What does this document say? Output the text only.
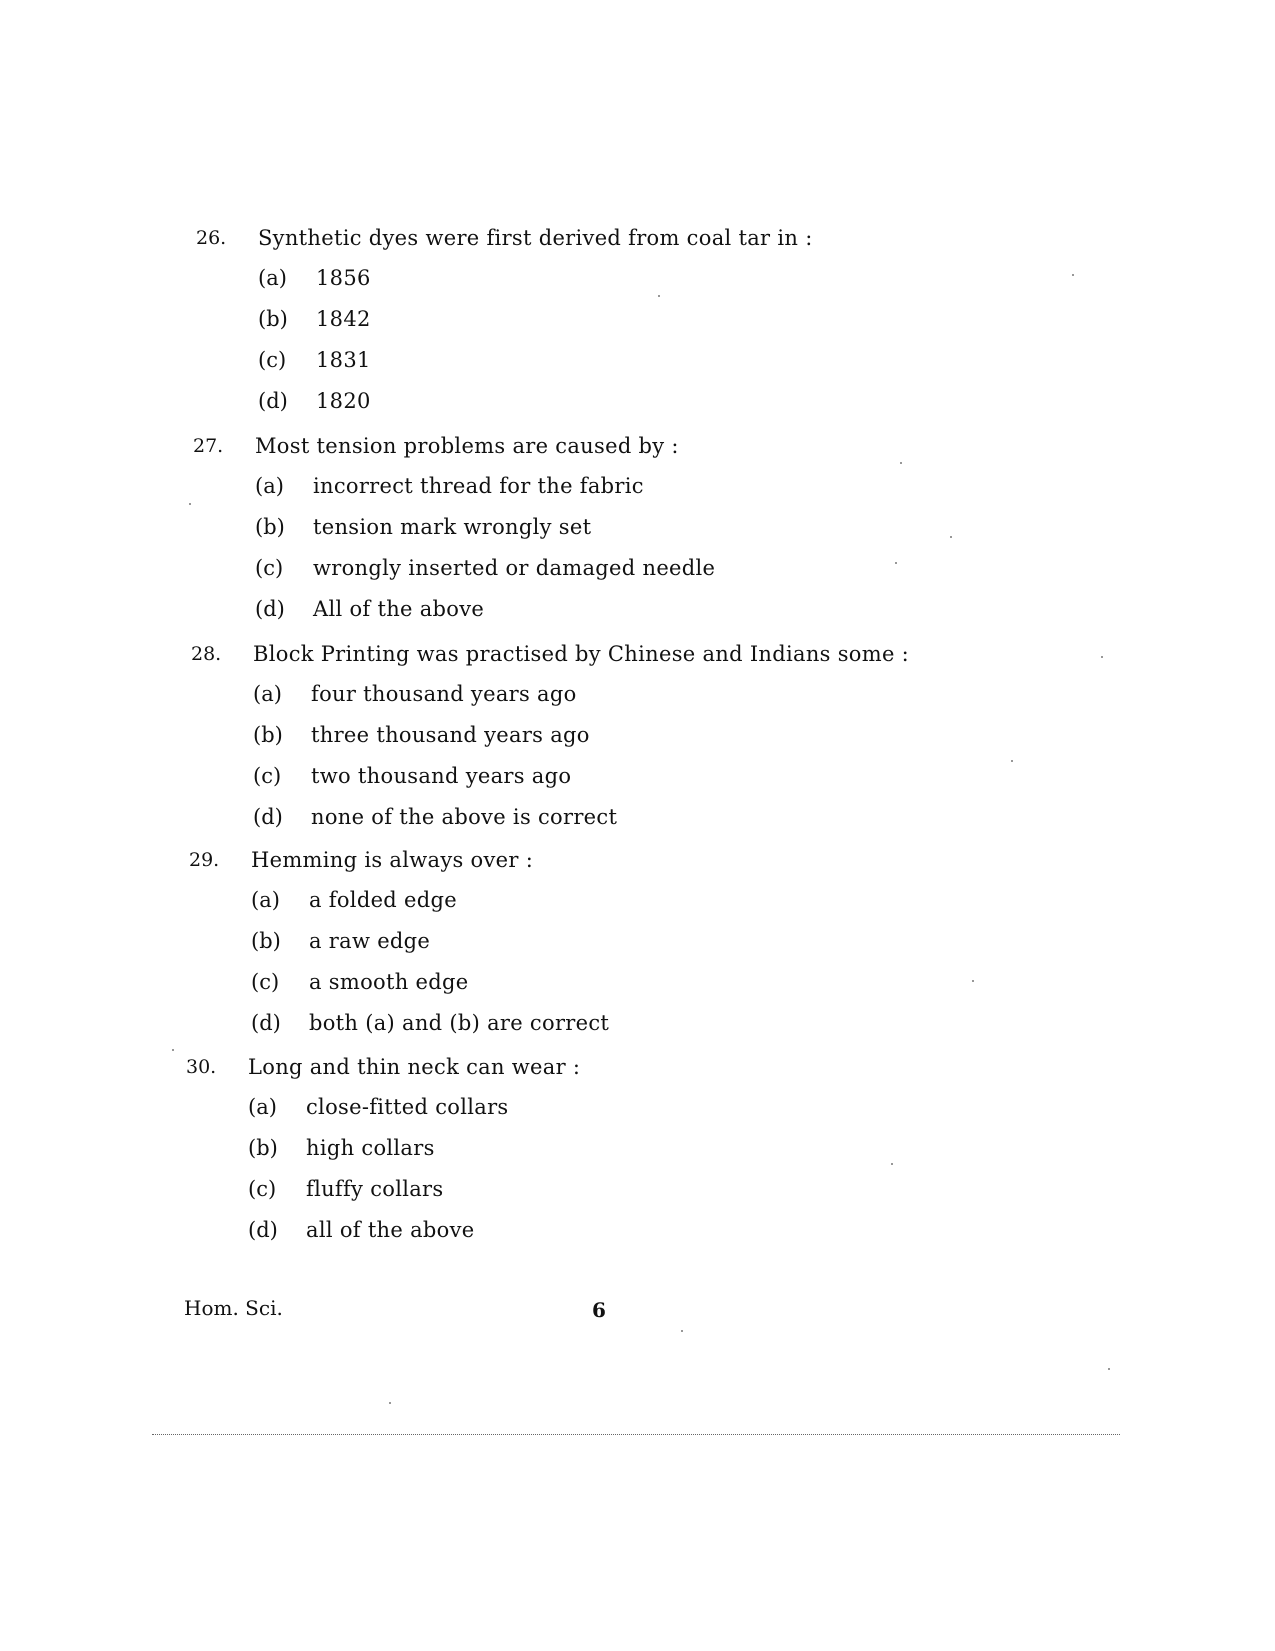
26. Synthetic dyes were first derived from coal tar in :
(a) 1856
(b) 1842
(c) 1831
(d) 1820
27. Most tension problems are caused by :
(a) incorrect thread for the fabric
(b) tension mark wrongly set
(c) wrongly inserted or damaged needle
(d) All of the above
28. Block Printing was practised by Chinese and Indians some :
(a) four thousand years ago
(b) three thousand years ago
(c) two thousand years ago
(d) none of the above is correct
29. Hemming is always over :
(a) a folded edge
(b) a raw edge
(c) a smooth edge
(d) both (a) and (b) are correct
30. Long and thin neck can wear :
(a) close-fitted collars
(b) high collars
(c) fluffy collars
(d) all of the above
Hom. Sci.	6
